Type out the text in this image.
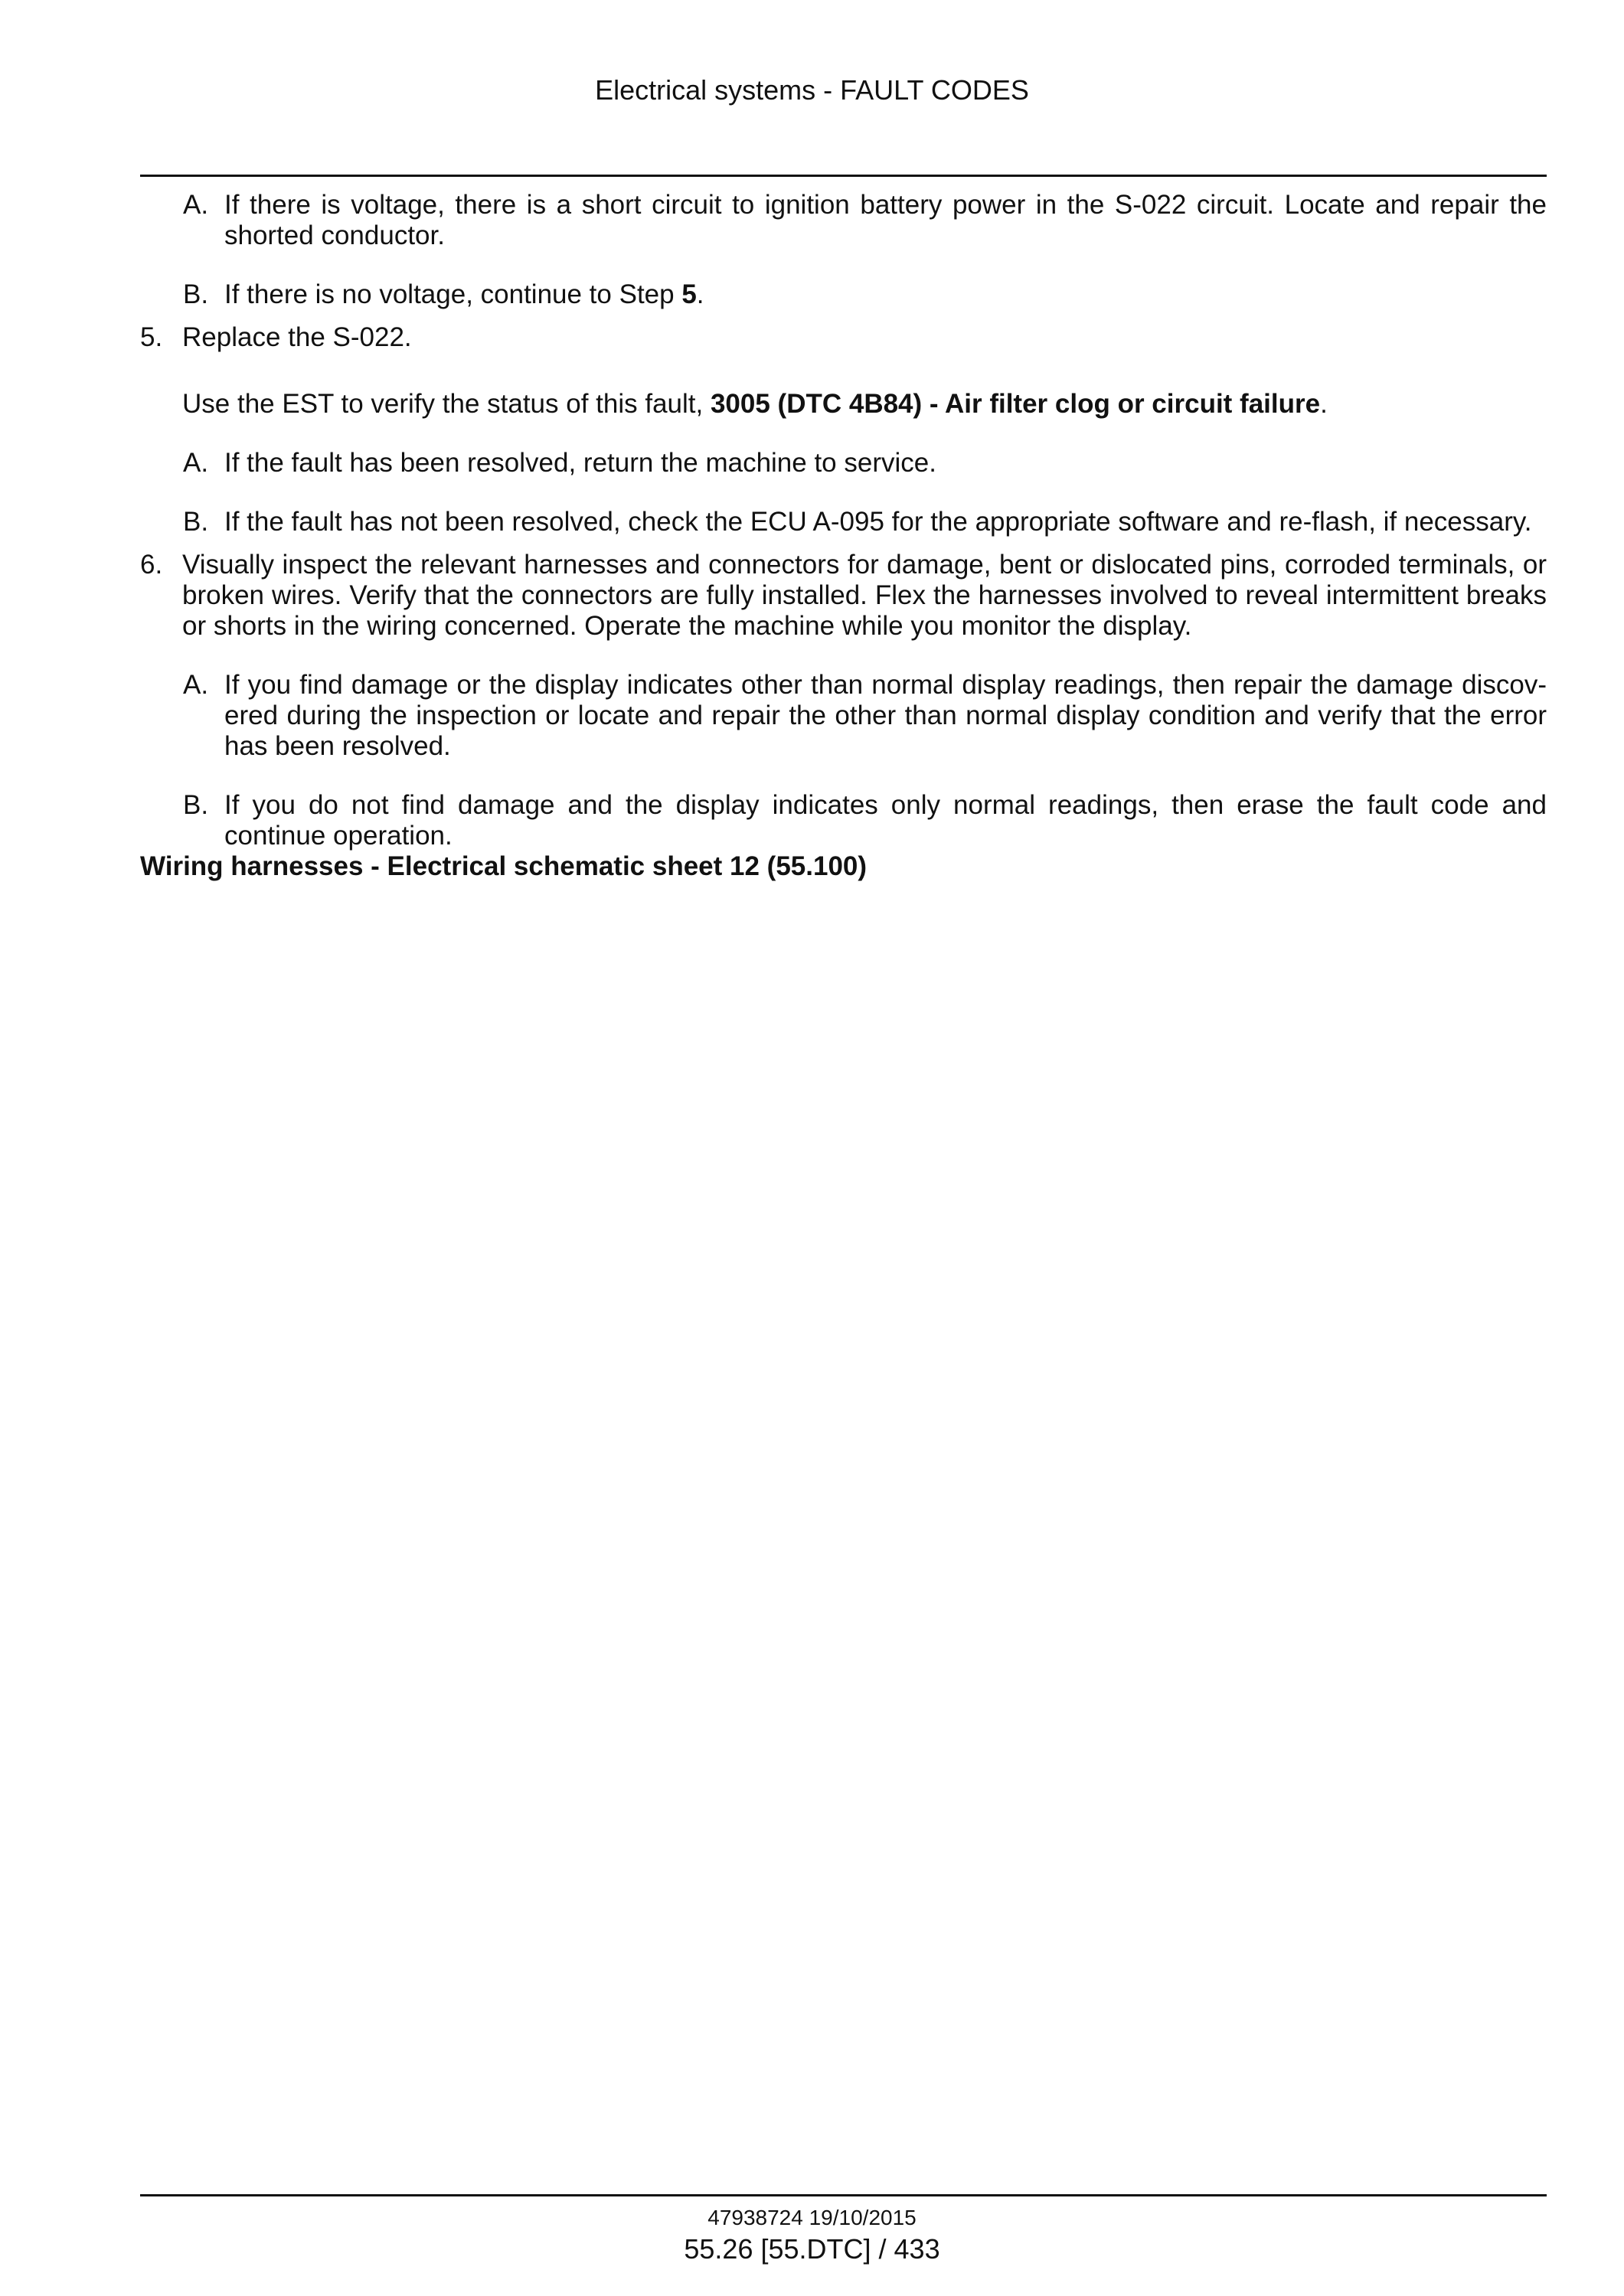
Electrical systems - FAULT CODES
A. If there is voltage, there is a short circuit to ignition battery power in the S-022 circuit. Locate and repair the shorted conductor.
B. If there is no voltage, continue to Step 5.
5. Replace the S-022.
Use the EST to verify the status of this fault, 3005 (DTC 4B84) - Air filter clog or circuit failure.
A. If the fault has been resolved, return the machine to service.
B. If the fault has not been resolved, check the ECU A-095 for the appropriate software and re-flash, if necessary.
6. Visually inspect the relevant harnesses and connectors for damage, bent or dislocated pins, corroded terminals, or broken wires. Verify that the connectors are fully installed. Flex the harnesses involved to reveal intermittent breaks or shorts in the wiring concerned. Operate the machine while you monitor the display.
A. If you find damage or the display indicates other than normal display readings, then repair the damage discovered during the inspection or locate and repair the other than normal display condition and verify that the error has been resolved.
B. If you do not find damage and the display indicates only normal readings, then erase the fault code and continue operation.
Wiring harnesses - Electrical schematic sheet 12 (55.100)
47938724 19/10/2015
55.26 [55.DTC] / 433
